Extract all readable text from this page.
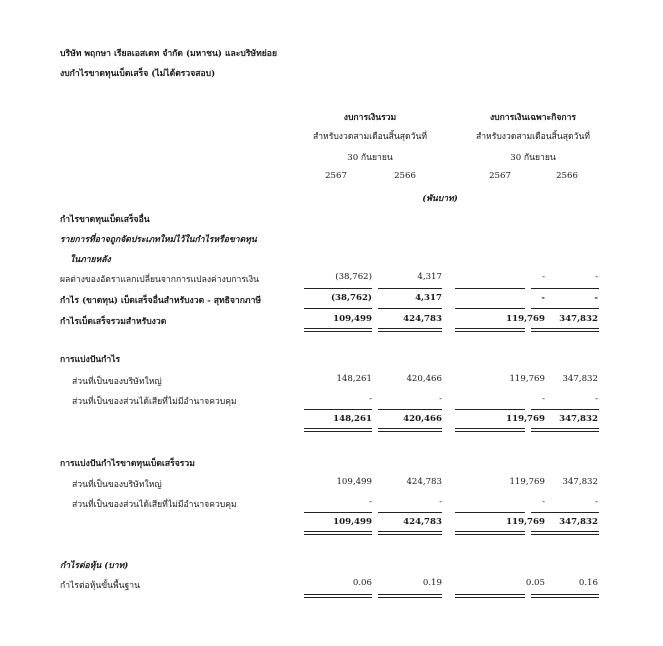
บริษัท พฤกษา เรียลเอสเตท จำกัด (มหาชน) และบริษัทย่อย
งบกำไรขาดทุนเบ็ดเสร็จ (ไม่ได้ตรวจสอบ)
งบการเงินรวม	งบการเงินเฉพาะกิจการ
สำหรับงวดสามเดือนสิ้นสุดวันที่	สำหรับงวดสามเดือนสิ้นสุดวันที่
30 กันยายน	30 กันยายน
2567	2566	2567	2566
(พันบาท)
กำไรขาดทุนเบ็ดเสร็จอื่น
รายการที่อาจถูกจัดประเภทใหม่ไว้ในกำไรหรือขาดทุน
ในภายหลัง
ผลต่างของอัตราแลกเปลี่ยนจากการแปลงค่างบการเงิน	(38,762)	4,317	-	-
กำไร (ขาดทุน) เบ็ดเสร็จอื่นสำหรับงวด - สุทธิจากภาษี	(38,762)	4,317	-	-
กำไรเบ็ดเสร็จรวมสำหรับงวด	109,499	424,783	119,769	347,832
การแบ่งปันกำไร
ส่วนที่เป็นของบริษัทใหญ่	148,261	420,466	119,769	347,832
ส่วนที่เป็นของส่วนได้เสียที่ไม่มีอำนาจควบคุม	-	-	-	-
148,261	420,466	119,769	347,832
การแบ่งปันกำไรขาดทุนเบ็ดเสร็จรวม
ส่วนที่เป็นของบริษัทใหญ่	109,499	424,783	119,769	347,832
ส่วนที่เป็นของส่วนได้เสียที่ไม่มีอำนาจควบคุม	-	-	-	-
109,499	424,783	119,769	347,832
กำไรต่อหุ้น (บาท)
กำไรต่อหุ้นขั้นพื้นฐาน	0.06	0.19	0.05	0.16
